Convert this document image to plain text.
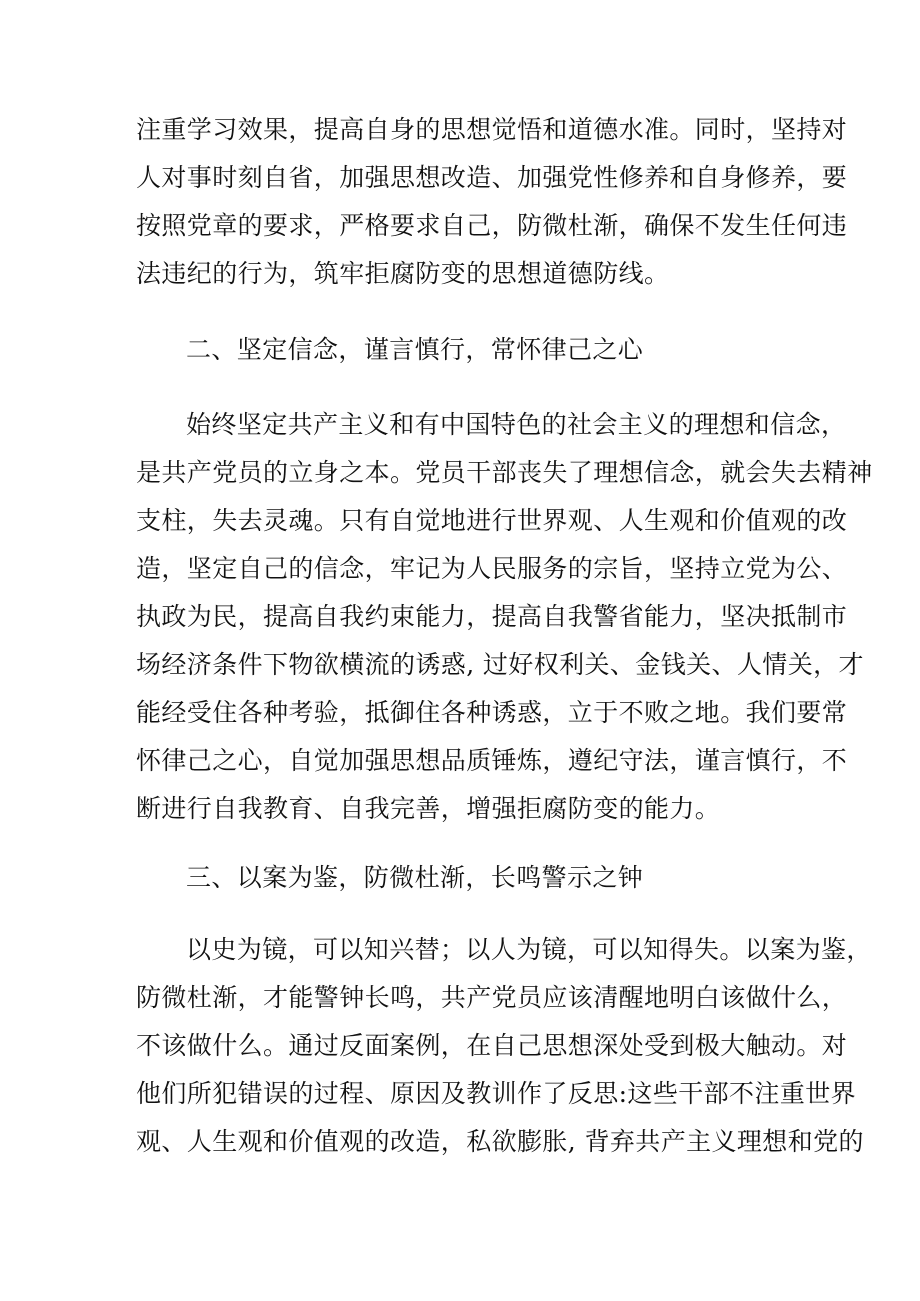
注重学习效果，提高自身的思想觉悟和道德水准。同时，坚持对
人对事时刻自省，加强思想改造、加强党性修养和自身修养，要
按照党章的要求，严格要求自己，防微杜渐，确保不发生任何违
法违纪的行为，筑牢拒腐防变的思想道德防线。
二、坚定信念，谨言慎行，常怀律己之心
始终坚定共产主义和有中国特色的社会主义的理想和信念，
是共产党员的立身之本。党员干部丧失了理想信念，就会失去精神
支柱，失去灵魂。只有自觉地进行世界观、人生观和价值观的改
造，坚定自己的信念，牢记为人民服务的宗旨，坚持立党为公、
执政为民，提高自我约束能力，提高自我警省能力，坚决抵制市
场经济条件下物欲横流的诱惑, 过好权利关、金钱关、人情关，才
能经受住各种考验，抵御住各种诱惑，立于不败之地。我们要常
怀律己之心，自觉加强思想品质锤炼，遵纪守法，谨言慎行，不
断进行自我教育、自我完善，增强拒腐防变的能力。
三、以案为鉴，防微杜渐，长鸣警示之钟
以史为镜，可以知兴替；以人为镜，可以知得失。以案为鉴，
防微杜渐，才能警钟长鸣，共产党员应该清醒地明白该做什么，
不该做什么。通过反面案例，在自己思想深处受到极大触动。对
他们所犯错误的过程、原因及教训作了反思:这些干部不注重世界
观、人生观和价值观的改造，私欲膨胀, 背弃共产主义理想和党的
